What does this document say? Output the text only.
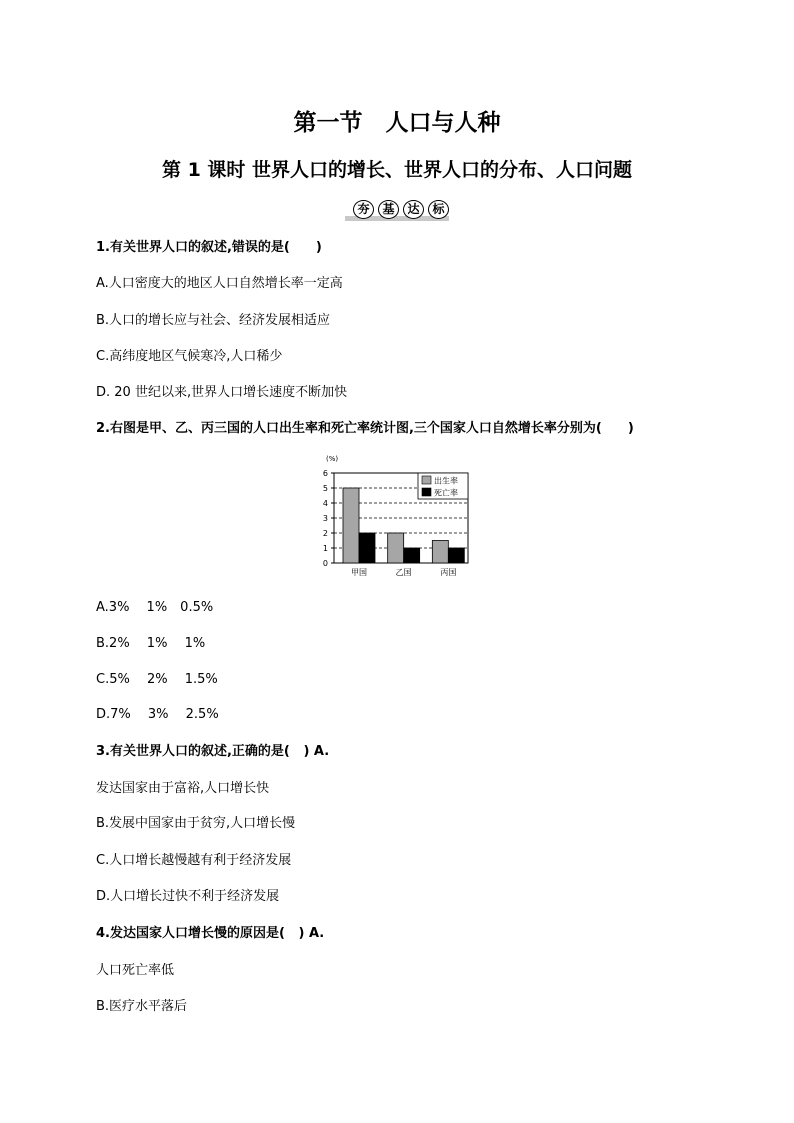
第一节　人口与人种
第 1 课时 世界人口的增长、世界人口的分布、人口问题
夯	基	达	标
1.有关世界人口的叙述,错误的是(　　)
A.人口密度大的地区人口自然增长率一定高
B.人口的增长应与社会、经济发展相适应
C.高纬度地区气候寒冷,人口稀少
D. 20 世纪以来,世界人口增长速度不断加快
2.右图是甲、乙、丙三国的人口出生率和死亡率统计图,三个国家人口自然增长率分别为(　　)
0
1
2
3
4
5
6
(%)
甲国	乙国	丙国
出生率
死亡率
A.3%　 1%　0.5%
B.2%　 1%　 1%
C.5%　 2%　 1.5%
D.7%　 3%　 2.5%
3.有关世界人口的叙述,正确的是(   ) A.
发达国家由于富裕,人口增长快
B.发展中国家由于贫穷,人口增长慢
C.人口增长越慢越有利于经济发展
D.人口增长过快不利于经济发展
4.发达国家人口增长慢的原因是(   ) A.
人口死亡率低
B.医疗水平落后
